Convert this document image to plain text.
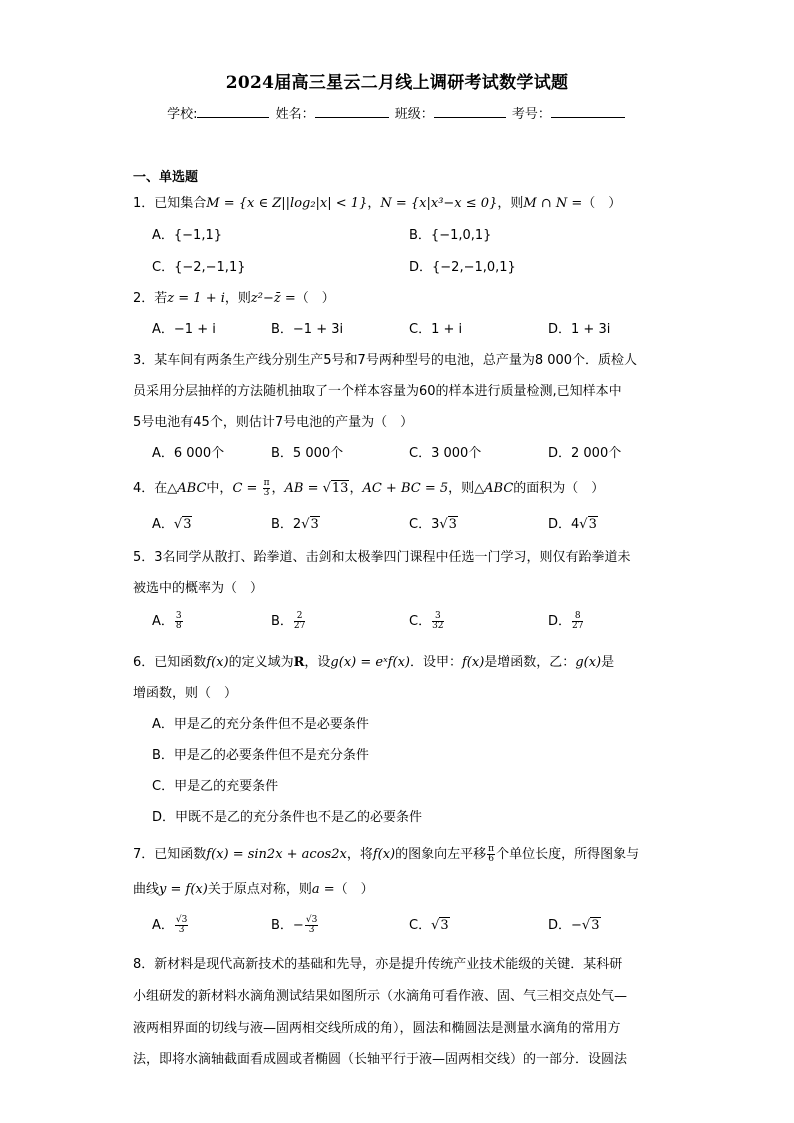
2024届高三星云二月线上调研考试数学试题
学校:	姓名：	班级：	考号：
一、单选题
1．已知集合M = {x ∈ Z||log₂|x| < 1}，N = {x|x³−x ≤ 0}，则M ∩ N =（　）
A．{−1,1}	B．{−1,0,1}
C．{−2,−1,1}	D．{−2,−1,0,1}
2．若z = 1 + i，则z²−z̄ =（　）
A．−1 + i	B．−1 + 3i	C．1 + i	D．1 + 3i
3．某车间有两条生产线分别生产5号和7号两种型号的电池，总产量为8 000个．质检人
员采用分层抽样的方法随机抽取了一个样本容量为60的样本进行质量检测,已知样本中
5号电池有45个，则估计7号电池的产量为（　）
A．6 000个	B．5 000个	C．3 000个	D．2 000个
4．在△ABC中，$C = \frac{\pi}{3}$ ，AB = √13，AC + BC = 5，则△ABC的面积为（　）
A．√3	B．2√3	C．3√3	D．4√3
5．3名同学从散打、跆拳道、击剑和太极拳四门课程中任选一门学习，则仅有跆拳道未
被选中的概率为（　）
A． $\frac{3}{8}$	B． $\frac{2}{27}$	C． $\frac{3}{32}$	D． $\frac{8}{27}$
6．已知函数f(x)的定义域为R，设g(x) = eˣf(x)．设甲：f(x)是增函数，乙：g(x)是
增函数，则（　）
A．甲是乙的充分条件但不是必要条件
B．甲是乙的必要条件但不是充分条件
C．甲是乙的充要条件
D．甲既不是乙的充分条件也不是乙的必要条件
7．已知函数f(x) = sin2x + acos2x，将f(x)的图象向左平移 $\frac{\pi}{6}$ 个单位长度，所得图象与
曲线y = f(x)关于原点对称，则a =（　）
A． $\frac{√3}{3}$	B．− $\frac{√3}{3}$	C．√3	D．−√3
8．新材料是现代高新技术的基础和先导，亦是提升传统产业技术能级的关键．某科研
小组研发的新材料水滴角测试结果如图所示（水滴角可看作液、固、气三相交点处气—
液两相界面的切线与液—固两相交线所成的角），圆法和椭圆法是测量水滴角的常用方
法，即将水滴轴截面看成圆或者椭圆（长轴平行于液—固两相交线）的一部分．设圆法
